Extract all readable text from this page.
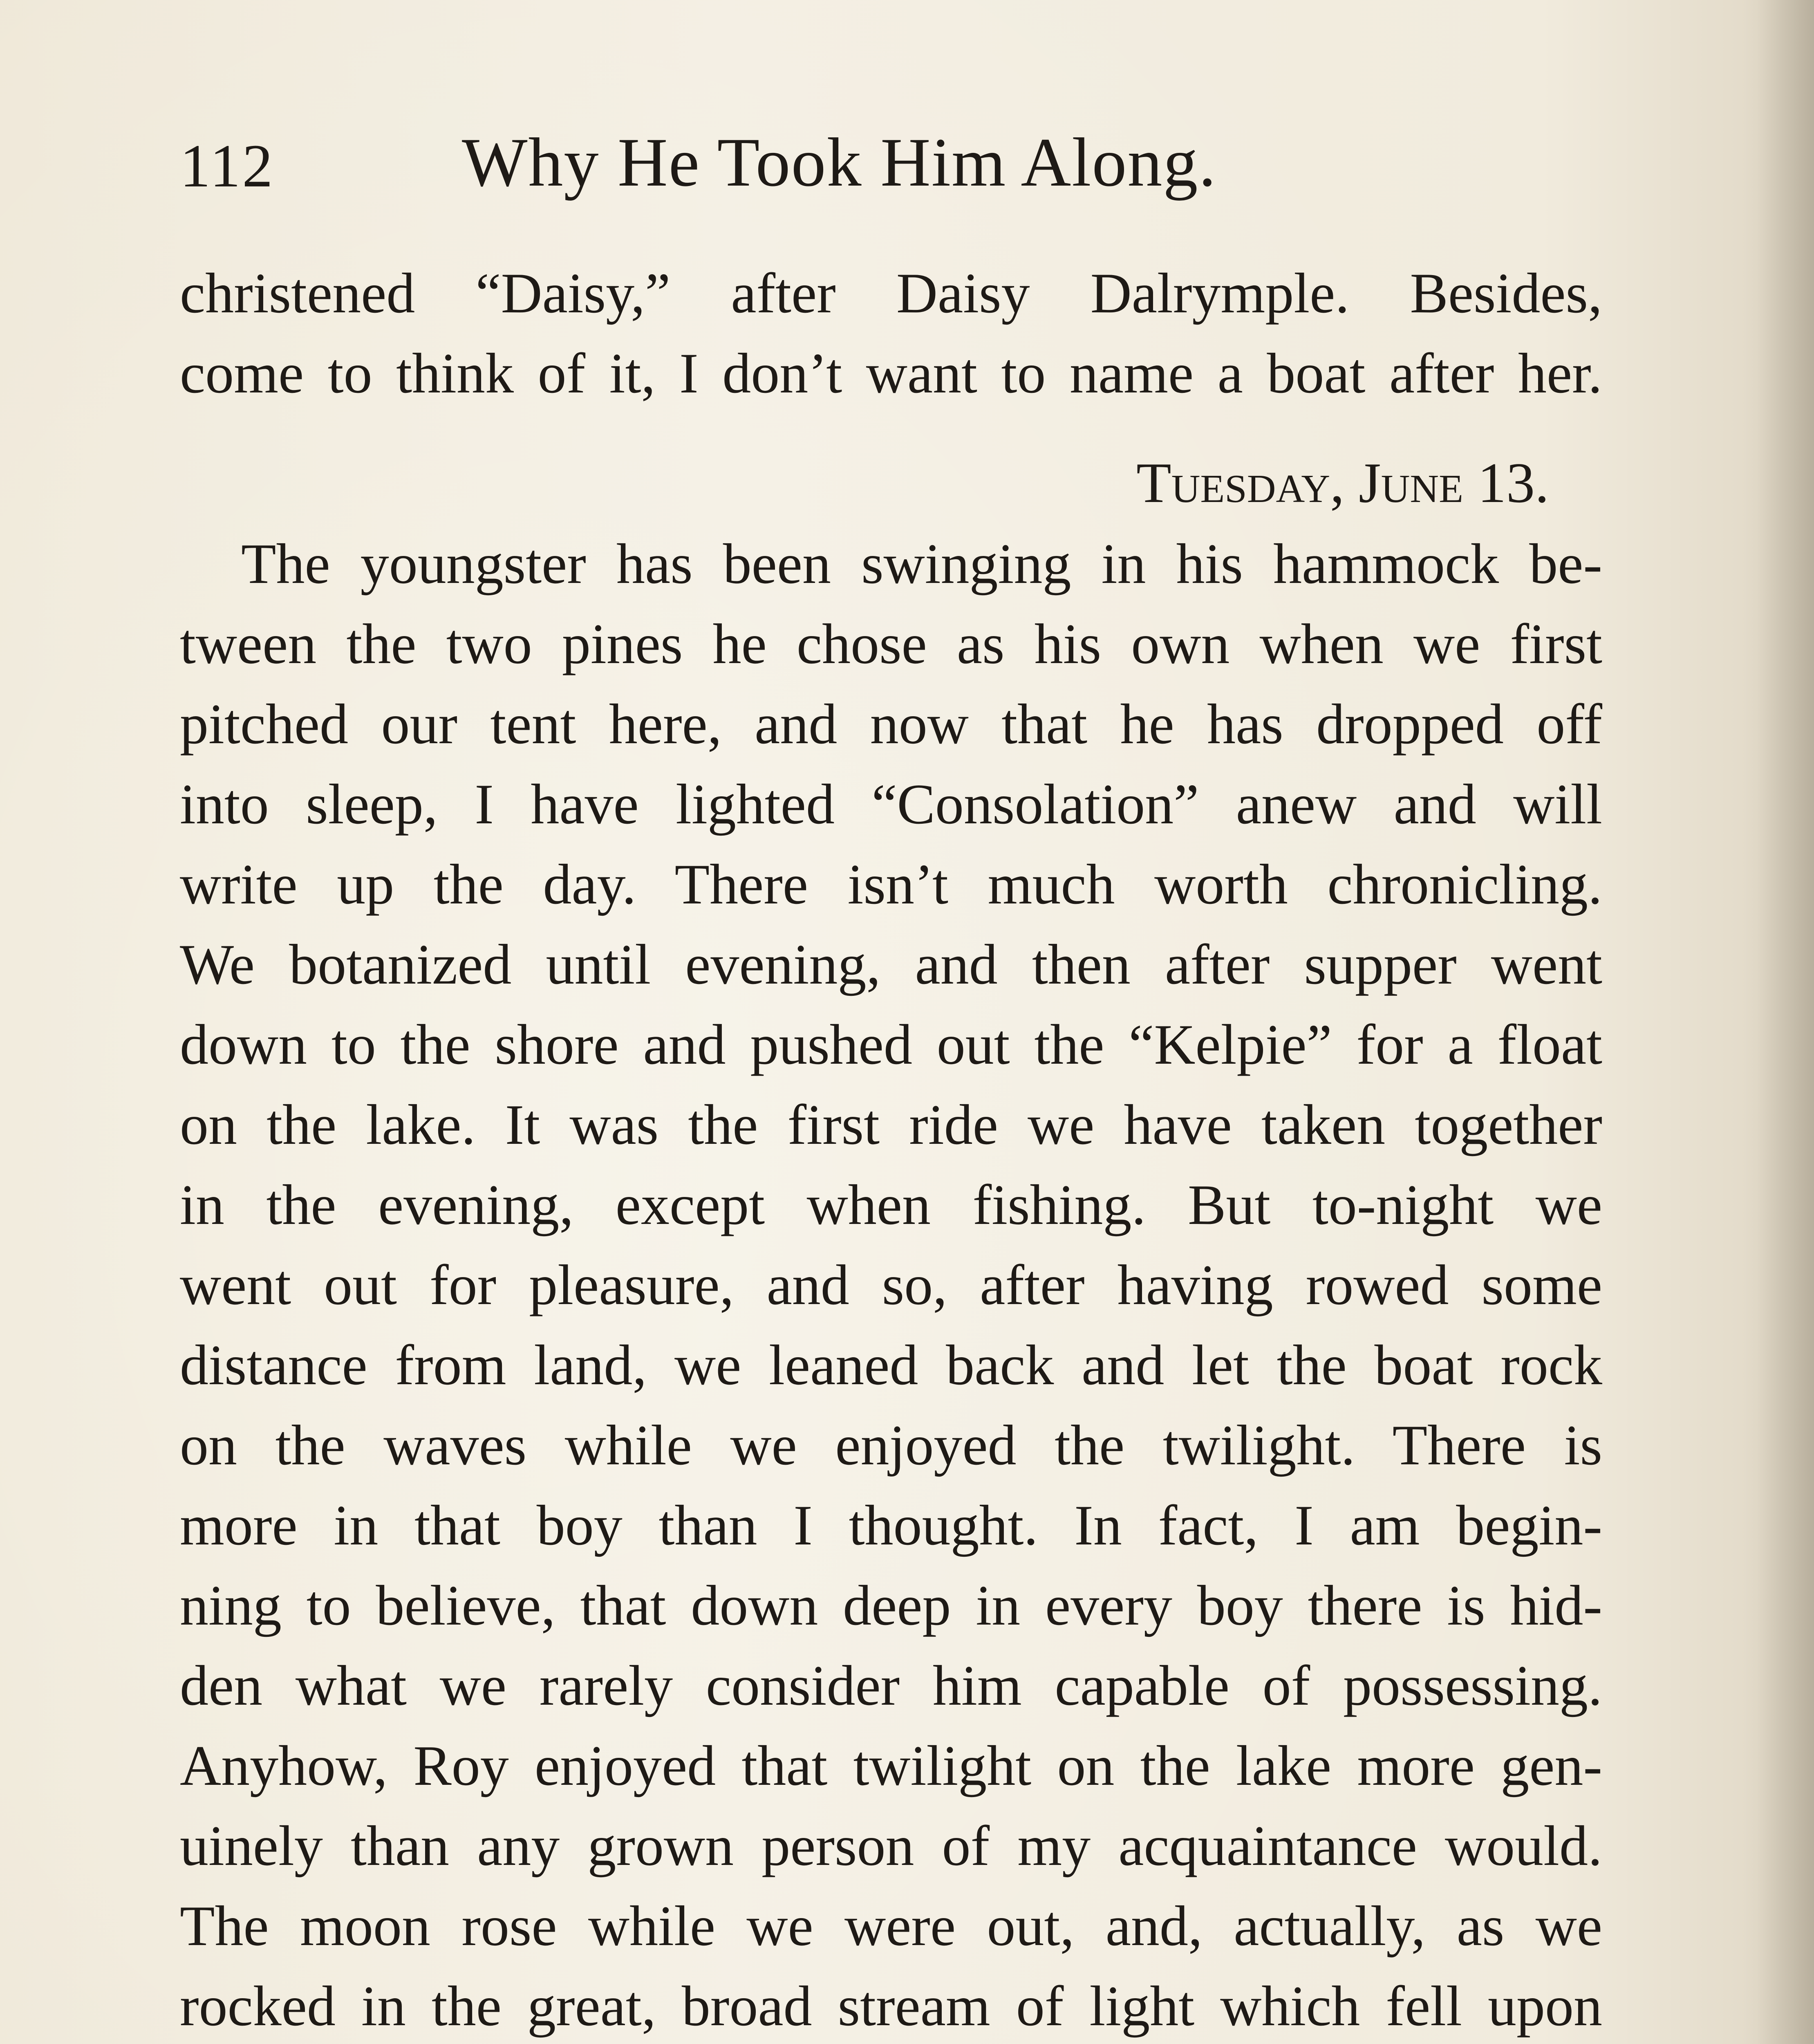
112	Why He Took Him Along.
christened “Daisy,” after Daisy Dalrymple. Besides,
come to think of it, I don’t want to name a boat after her.
Tuesday, June 13.
The youngster has been swinging in his hammock be-
tween the two pines he chose as his own when we first
pitched our tent here, and now that he has dropped off
into sleep, I have lighted “Consolation” anew and will
write up the day. There isn’t much worth chronicling.
We botanized until evening, and then after supper went
down to the shore and pushed out the “Kelpie” for a float
on the lake. It was the first ride we have taken together
in the evening, except when fishing. But to-night we
went out for pleasure, and so, after having rowed some
distance from land, we leaned back and let the boat rock
on the waves while we enjoyed the twilight. There is
more in that boy than I thought. In fact, I am begin-
ning to believe, that down deep in every boy there is hid-
den what we rarely consider him capable of possessing.
Anyhow, Roy enjoyed that twilight on the lake more gen-
uinely than any grown person of my acquaintance would.
The moon rose while we were out, and, actually, as we
rocked in the great, broad stream of light which fell upon
